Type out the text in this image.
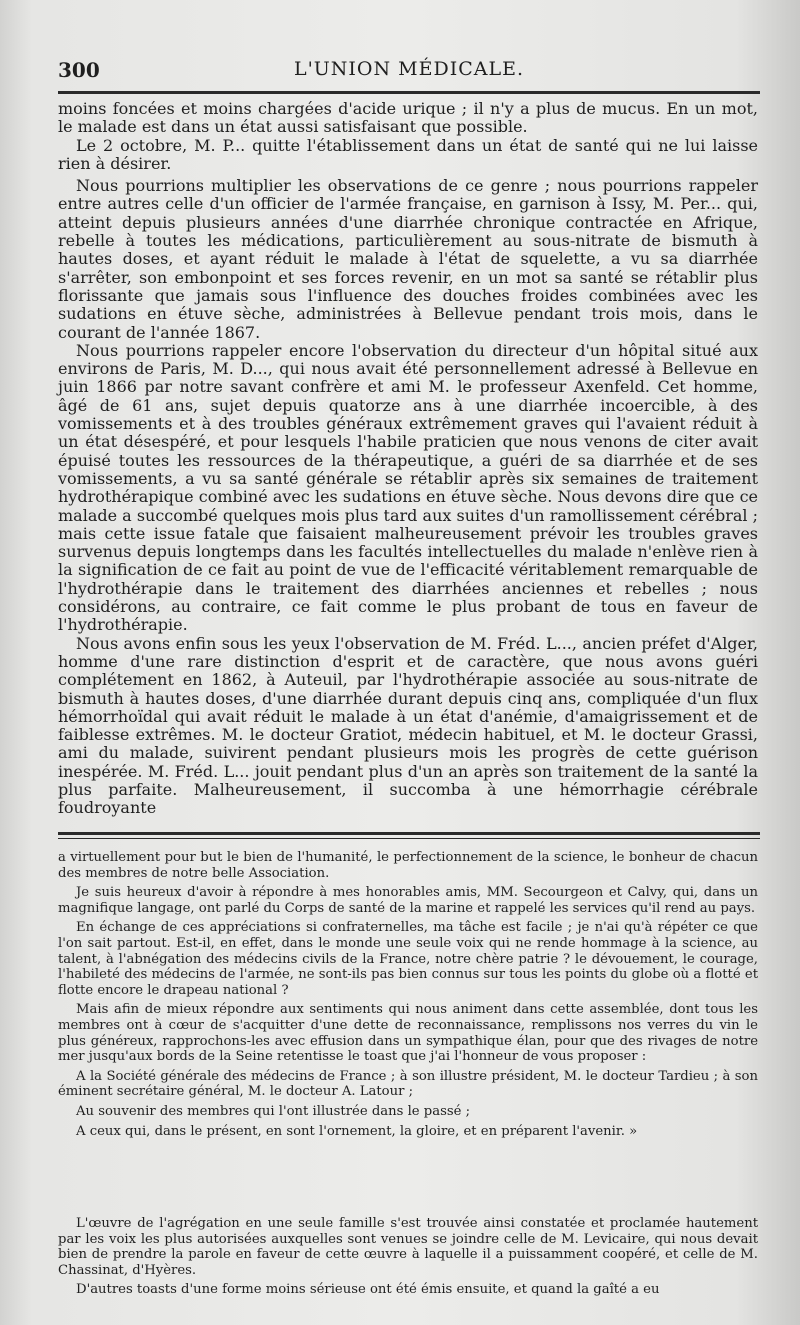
300	L'UNION MÉDICALE.

moins foncées et moins chargées d'acide urique ; il n'y a plus de mucus. En un mot, le malade est dans un état aussi satisfaisant que possible.

Le 2 octobre, M. P... quitte l'établissement dans un état de santé qui ne lui laisse rien à désirer.

Nous pourrions multiplier les observations de ce genre ; nous pourrions rappeler entre autres celle d'un officier de l'armée française, en garnison à Issy, M. Per... qui, atteint depuis plusieurs années d'une diarrhée chronique contractée en Afrique, rebelle à toutes les médications, particulièrement au sous-nitrate de bismuth à hautes doses, et ayant réduit le malade à l'état de squelette, a vu sa diarrhée s'arrêter, son embonpoint et ses forces revenir, en un mot sa santé se rétablir plus florissante que jamais sous l'influence des douches froides combinées avec les sudations en étuve sèche, administrées à Bellevue pendant trois mois, dans le courant de l'année 1867.

Nous pourrions rappeler encore l'observation du directeur d'un hôpital situé aux environs de Paris, M. D..., qui nous avait été personnellement adressé à Bellevue en juin 1866 par notre savant confrère et ami M. le professeur Axenfeld. Cet homme, âgé de 61 ans, sujet depuis quatorze ans à une diarrhée incoercible, à des vomissements et à des troubles généraux extrêmement graves qui l'avaient réduit à un état désespéré, et pour lesquels l'habile praticien que nous venons de citer avait épuisé toutes les ressources de la thérapeutique, a guéri de sa diarrhée et de ses vomissements, a vu sa santé générale se rétablir après six semaines de traitement hydrothérapique combiné avec les sudations en étuve sèche. Nous devons dire que ce malade a succombé quelques mois plus tard aux suites d'un ramollissement cérébral ; mais cette issue fatale que faisaient malheureusement prévoir les troubles graves survenus depuis longtemps dans les facultés intellectuelles du malade n'enlève rien à la signification de ce fait au point de vue de l'efficacité véritablement remarquable de l'hydrothérapie dans le traitement des diarrhées anciennes et rebelles ; nous considérons, au contraire, ce fait comme le plus probant de tous en faveur de l'hydrothérapie.

Nous avons enfin sous les yeux l'observation de M. Fréd. L..., ancien préfet d'Alger, homme d'une rare distinction d'esprit et de caractère, que nous avons guéri complétement en 1862, à Auteuil, par l'hydrothérapie associée au sous-nitrate de bismuth à hautes doses, d'une diarrhée durant depuis cinq ans, compliquée d'un flux hémorrhoïdal qui avait réduit le malade à un état d'anémie, d'amaigrissement et de faiblesse extrêmes. M. le docteur Gratiot, médecin habituel, et M. le docteur Grassi, ami du malade, suivirent pendant plusieurs mois les progrès de cette guérison inespérée. M. Fréd. L... jouit pendant plus d'un an après son traitement de la santé la plus parfaite. Malheureusement, il succomba à une hémorrhagie cérébrale foudroyante

a virtuellement pour but le bien de l'humanité, le perfectionnement de la science, le bonheur de chacun des membres de notre belle Association.

Je suis heureux d'avoir à répondre à mes honorables amis, MM. Secourgeon et Calvy, qui, dans un magnifique langage, ont parlé du Corps de santé de la marine et rappelé les services qu'il rend au pays.

En échange de ces appréciations si confraternelles, ma tâche est facile ; je n'ai qu'à répéter ce que l'on sait partout. Est-il, en effet, dans le monde une seule voix qui ne rende hommage à la science, au talent, à l'abnégation des médecins civils de la France, notre chère patrie ? le dévouement, le courage, l'habileté des médecins de l'armée, ne sont-ils pas bien connus sur tous les points du globe où a flotté et flotte encore le drapeau national ?

Mais afin de mieux répondre aux sentiments qui nous animent dans cette assemblée, dont tous les membres ont à cœur de s'acquitter d'une dette de reconnaissance, remplissons nos verres du vin le plus généreux, rapprochons-les avec effusion dans un sympathique élan, pour que des rivages de notre mer jusqu'aux bords de la Seine retentisse le toast que j'ai l'honneur de vous proposer :

A la Société générale des médecins de France ; à son illustre président, M. le docteur Tardieu ; à son éminent secrétaire général, M. le docteur A. Latour ;

Au souvenir des membres qui l'ont illustrée dans le passé ;

A ceux qui, dans le présent, en sont l'ornement, la gloire, et en préparent l'avenir. »

L'œuvre de l'agrégation en une seule famille s'est trouvée ainsi constatée et proclamée hautement par les voix les plus autorisées auxquelles sont venues se joindre celle de M. Levicaire, qui nous devait bien de prendre la parole en faveur de cette œuvre à laquelle il a puissamment coopéré, et celle de M. Chassinat, d'Hyères.

D'autres toasts d'une forme moins sérieuse ont été émis ensuite, et quand la gaîté a eu
